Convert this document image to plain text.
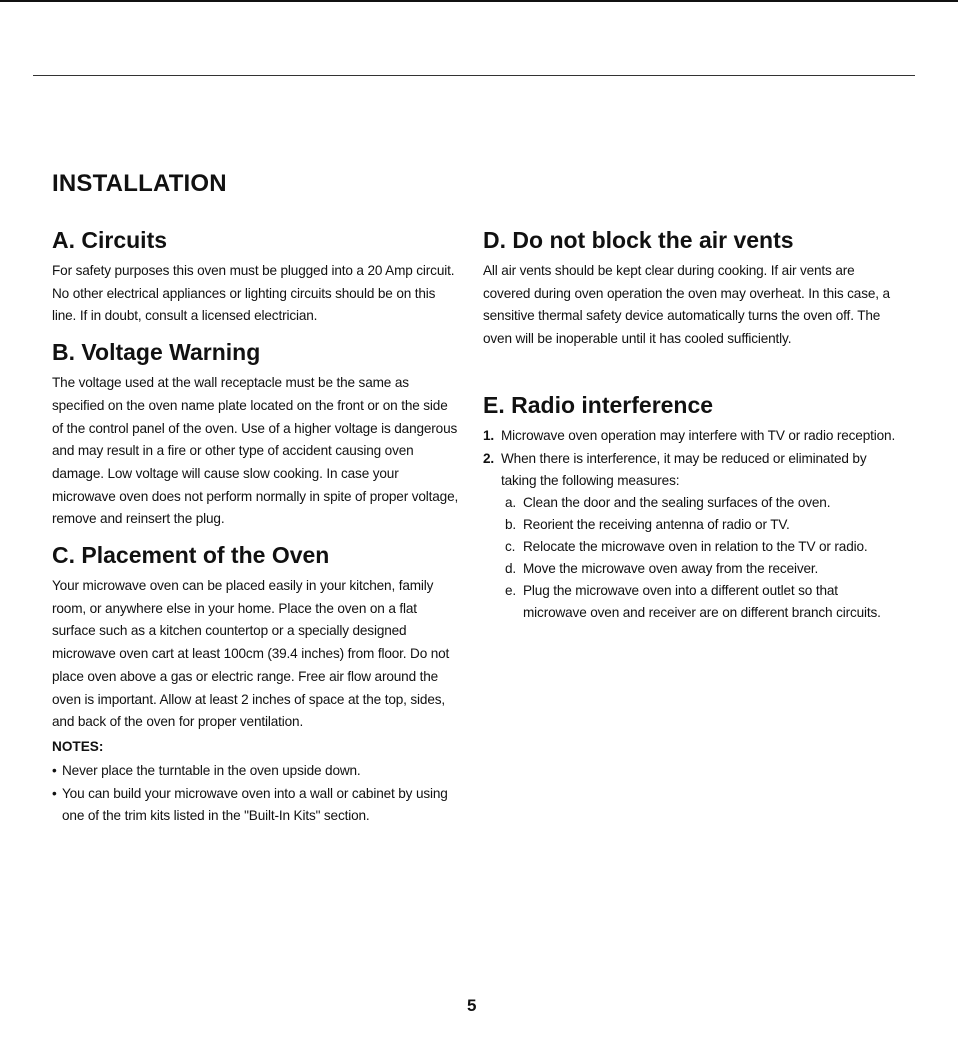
INSTALLATION
A. Circuits

For safety purposes this oven must be plugged into a 20 Amp circuit. No other electrical appliances or lighting circuits should be on this line. If in doubt, consult a licensed electrician.

B. Voltage Warning

The voltage used at the wall receptacle must be the same as specified on the oven name plate located on the front or on the side of the control panel of the oven. Use of a higher voltage is dangerous and may result in a fire or other type of accident causing oven damage. Low voltage will cause slow cooking. In case your microwave oven does not perform normally in spite of proper voltage, remove and reinsert the plug.

C. Placement of the Oven

Your microwave oven can be placed easily in your kitchen, family room, or anywhere else in your home. Place the oven on a flat surface such as a kitchen countertop or a specially designed microwave oven cart at least 100cm (39.4 inches) from floor. Do not place oven above a gas or electric range. Free air flow around the oven is important. Allow at least 2 inches of space at the top, sides, and back of the oven for proper ventilation.

NOTES:
• Never place the turntable in the oven upside down.
• You can build your microwave oven into a wall or cabinet by using one of the trim kits listed in the "Built-In Kits" section.
D. Do not block the air vents

All air vents should be kept clear during cooking. If air vents are covered during oven operation the oven may overheat. In this case, a sensitive thermal safety device automatically turns the oven off. The oven will be inoperable until it has cooled sufficiently.

E. Radio interference
1. Microwave oven operation may interfere with TV or radio reception.
2. When there is interference, it may be reduced or eliminated by taking the following measures:
a. Clean the door and the sealing surfaces of the oven.
b. Reorient the receiving antenna of radio or TV.
c. Relocate the microwave oven in relation to the TV or radio.
d. Move the microwave oven away from the receiver.
e. Plug the microwave oven into a different outlet so that microwave oven and receiver are on different branch circuits.
5
